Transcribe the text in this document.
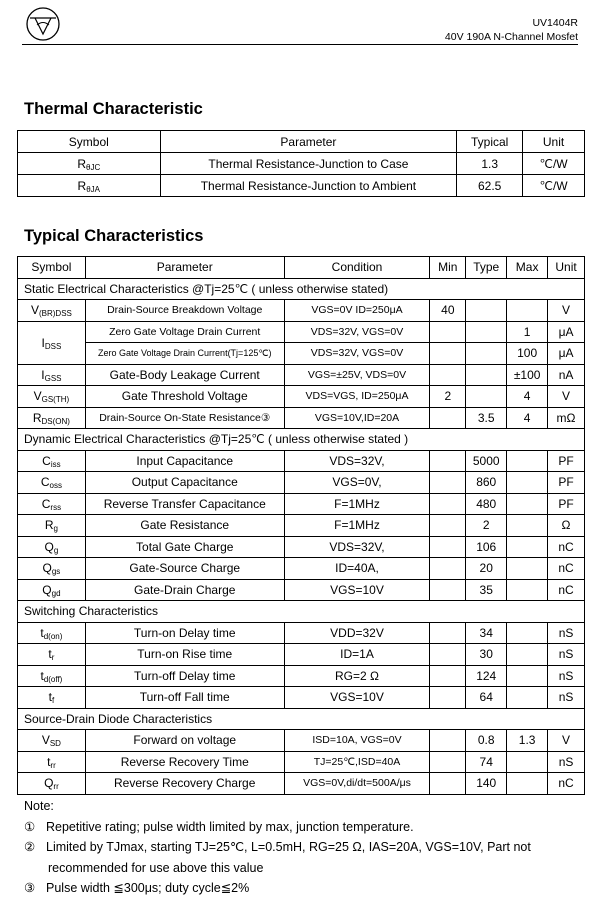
UV1404R
40V 190A N-Channel Mosfet
Thermal Characteristic
Symbol	Parameter	Typical	Unit
$R_{\theta JC}$	Thermal Resistance-Junction to Case	1.3	℃/W
$R_{\theta JA}$	Thermal Resistance-Junction to Ambient	62.5	℃/W
Typical Characteristics
Symbol	Parameter	Condition	Min	Type	Max	Unit
Static Electrical Characteristics @Tj=25℃ ( unless otherwise stated)						
$V_{(BR)DSS}$	Drain-Source Breakdown Voltage	VGS=0V ID=250μA	40			V
$I_{DSS}$	Zero Gate Voltage Drain Current	VDS=32V, VGS=0V			1	μA
	Zero Gate Voltage Drain Current(Tj=125℃)	VDS=32V, VGS=0V			100	μA
$I_{GSS}$	Gate-Body Leakage Current	VGS=±25V, VDS=0V			±100	nA
$V_{GS(TH)}$	Gate Threshold Voltage	VDS=VGS, ID=250μA	2		4	V
$R_{DS(ON)}$	Drain-Source On-State Resistance③	VGS=10V,ID=20A		3.5	4	mΩ
Dynamic Electrical Characteristics @Tj=25℃ ( unless otherwise stated )						
$C_{iss}$	Input Capacitance	VDS=32V,		5000		PF
$C_{oss}$	Output Capacitance	VGS=0V,		860		PF
$C_{rss}$	Reverse Transfer Capacitance	F=1MHz		480		PF
$R_g$	Gate Resistance	F=1MHz		2		Ω
$Q_g$	Total Gate Charge	VDS=32V,		106		nC
$Q_{gs}$	Gate-Source Charge	ID=40A,		20		nC
$Q_{gd}$	Gate-Drain Charge	VGS=10V		35		nC
Switching Characteristics						
$t_{d(on)}$	Turn-on Delay time	VDD=32V		34		nS
$t_r$	Turn-on Rise time	ID=1A		30		nS
$t_{d(off)}$	Turn-off Delay time	RG=2 Ω		124		nS
$t_f$	Turn-off Fall time	VGS=10V		64		nS
Source-Drain Diode Characteristics						
$V_{SD}$	Forward on voltage	ISD=10A, VGS=0V		0.8	1.3	V
$t_{rr}$	Reverse Recovery Time	TJ=25℃,ISD=40A		74		nS
$Q_{rr}$	Reverse Recovery Charge	VGS=0V,di/dt=500A/μs		140		nC
Note:
① Repetitive rating; pulse width limited by max, junction temperature.
② Limited by TJmax, starting TJ=25℃, L=0.5mH, RG=25 Ω, IAS=20A, VGS=10V, Part not
recommended for use above this value
③ Pulse width ≦300μs; duty cycle≦2%
